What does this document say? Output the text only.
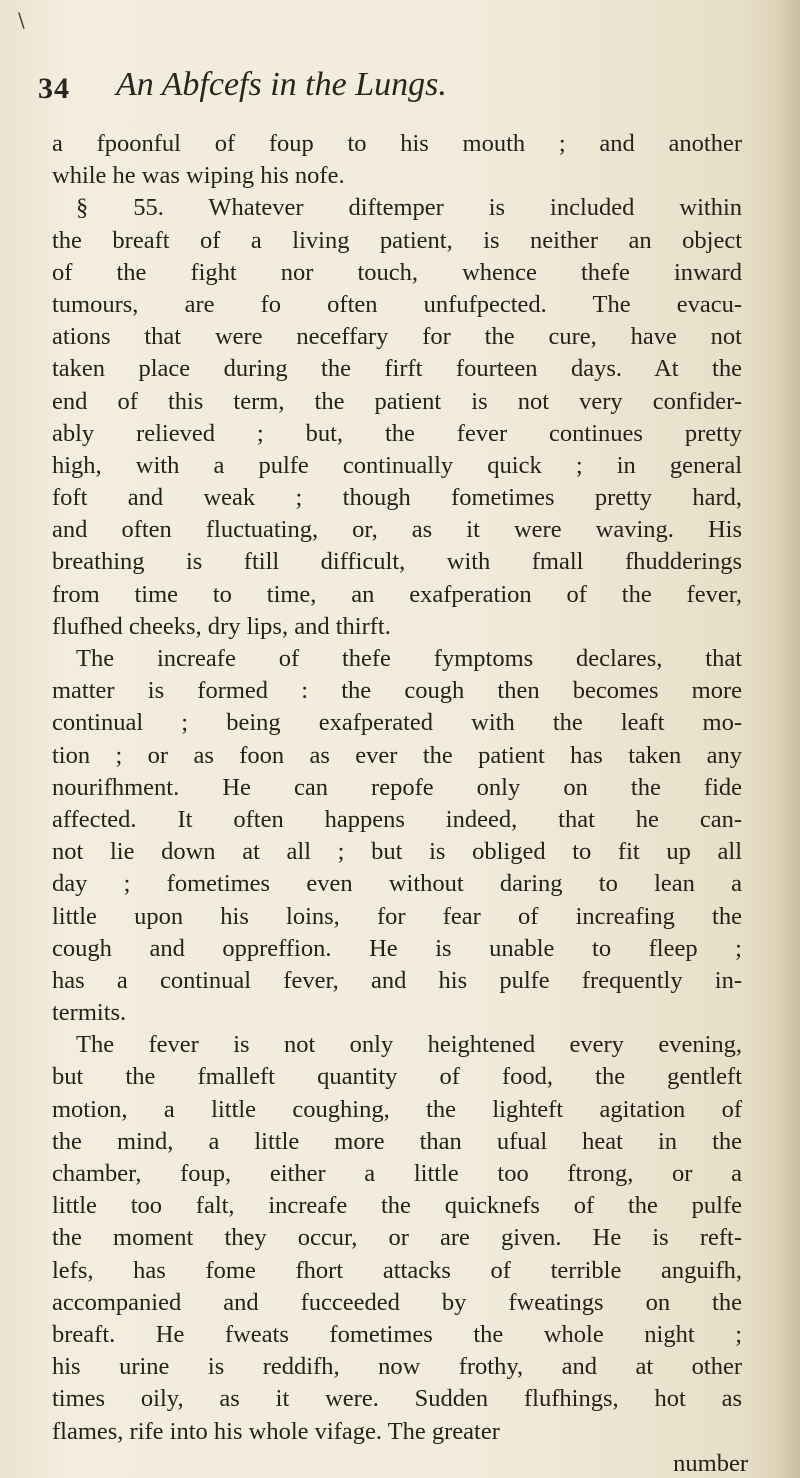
\
34 An Abfcefs in the Lungs.
a fpoonful of foup to his mouth ; and another
while he was wiping his nofe.
§ 55. Whatever diftemper is included within
the breaft of a living patient, is neither an object
of the fight nor touch, whence thefe inward
tumours, are fo often unfufpected. The evacu-
ations that were neceffary for the cure, have not
taken place during the firft fourteen days. At the
end of this term, the patient is not very confider-
ably relieved ; but, the fever continues pretty
high, with a pulfe continually quick ; in general
foft and weak ; though fometimes pretty hard,
and often fluctuating, or, as it were waving. His
breathing is ftill difficult, with fmall fhudderings
from time to time, an exafperation of the fever,
flufhed cheeks, dry lips, and thirft.
The increafe of thefe fymptoms declares, that
matter is formed : the cough then becomes more
continual ; being exafperated with the leaft mo-
tion ; or as foon as ever the patient has taken any
nourifhment. He can repofe only on the fide
affected. It often happens indeed, that he can-
not lie down at all ; but is obliged to fit up all
day ; fometimes even without daring to lean a
little upon his loins, for fear of increafing the
cough and oppreffion. He is unable to fleep ;
has a continual fever, and his pulfe frequently in-
termits.
The fever is not only heightened every evening,
but the fmalleft quantity of food, the gentleft
motion, a little coughing, the lighteft agitation of
the mind, a little more than ufual heat in the
chamber, foup, either a little too ftrong, or a
little too falt, increafe the quicknefs of the pulfe
the moment they occur, or are given. He is reft-
lefs, has fome fhort attacks of terrible anguifh,
accompanied and fucceeded by fweatings on the
breaft. He fweats fometimes the whole night ;
his urine is reddifh, now frothy, and at other
times oily, as it were. Sudden flufhings, hot as
flames, rife into his whole vifage. The greater
number
